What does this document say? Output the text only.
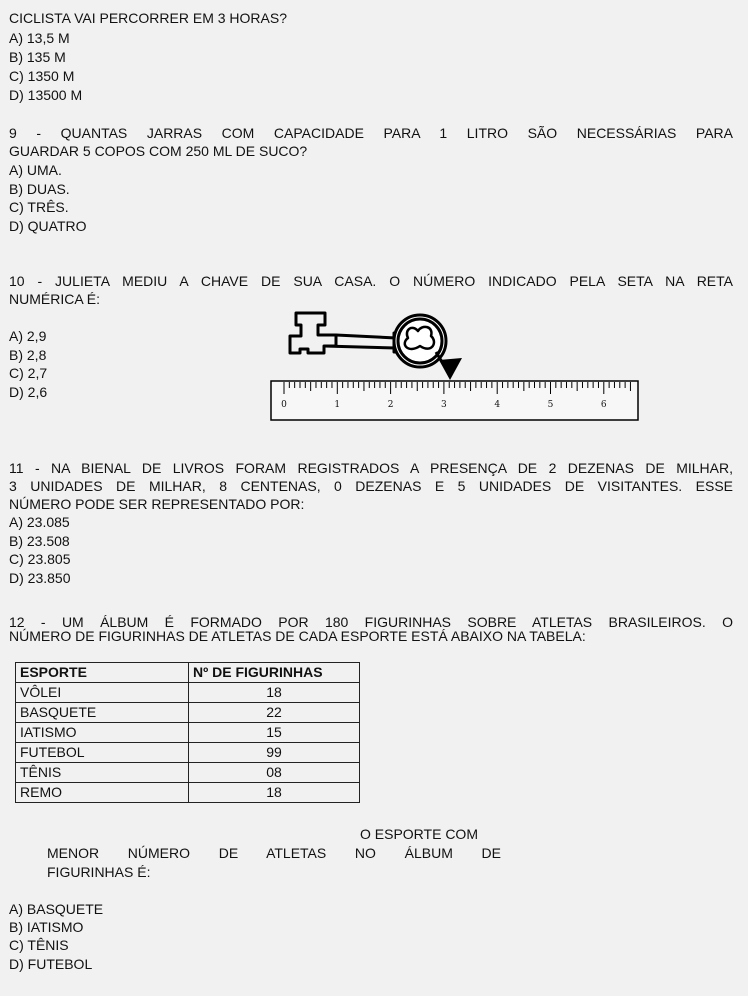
CICLISTA VAI PERCORRER EM 3 HORAS?
A) 13,5 M
B) 135 M
C) 1350 M
D) 13500 M
9 - QUANTAS JARRAS COM CAPACIDADE PARA 1 LITRO SÃO NECESSÁRIAS PARA
GUARDAR 5 COPOS COM 250 ML DE SUCO?
A) UMA.
B) DUAS.
C) TRÊS.
D) QUATRO
10 - JULIETA MEDIU A CHAVE DE SUA CASA. O NÚMERO INDICADO PELA SETA NA RETA
NUMÉRICA É:
A) 2,9
B) 2,8
C) 2,7
D) 2,6
0	1	2	3	4	5	6
11 - NA BIENAL DE LIVROS FORAM REGISTRADOS A PRESENÇA DE 2 DEZENAS DE MILHAR,
3 UNIDADES DE MILHAR, 8 CENTENAS, 0 DEZENAS E 5 UNIDADES DE VISITANTES. ESSE
NÚMERO PODE SER REPRESENTADO POR:
A) 23.085
B) 23.508
C) 23.805
D) 23.850
12 - UM ÁLBUM É FORMADO POR 180 FIGURINHAS SOBRE ATLETAS BRASILEIROS. O
NÚMERO DE FIGURINHAS DE ATLETAS DE CADA ESPORTE ESTÁ ABAIXO NA TABELA:
ESPORTE	Nº DE FIGURINHAS
VÔLEI	18
BASQUETE	22
IATISMO	15
FUTEBOL	99
TÊNIS	08
REMO	18
O ESPORTE COM
MENOR NÚMERO DE ATLETAS NO ÁLBUM DE
FIGURINHAS É:
A) BASQUETE
B) IATISMO
C) TÊNIS
D) FUTEBOL
